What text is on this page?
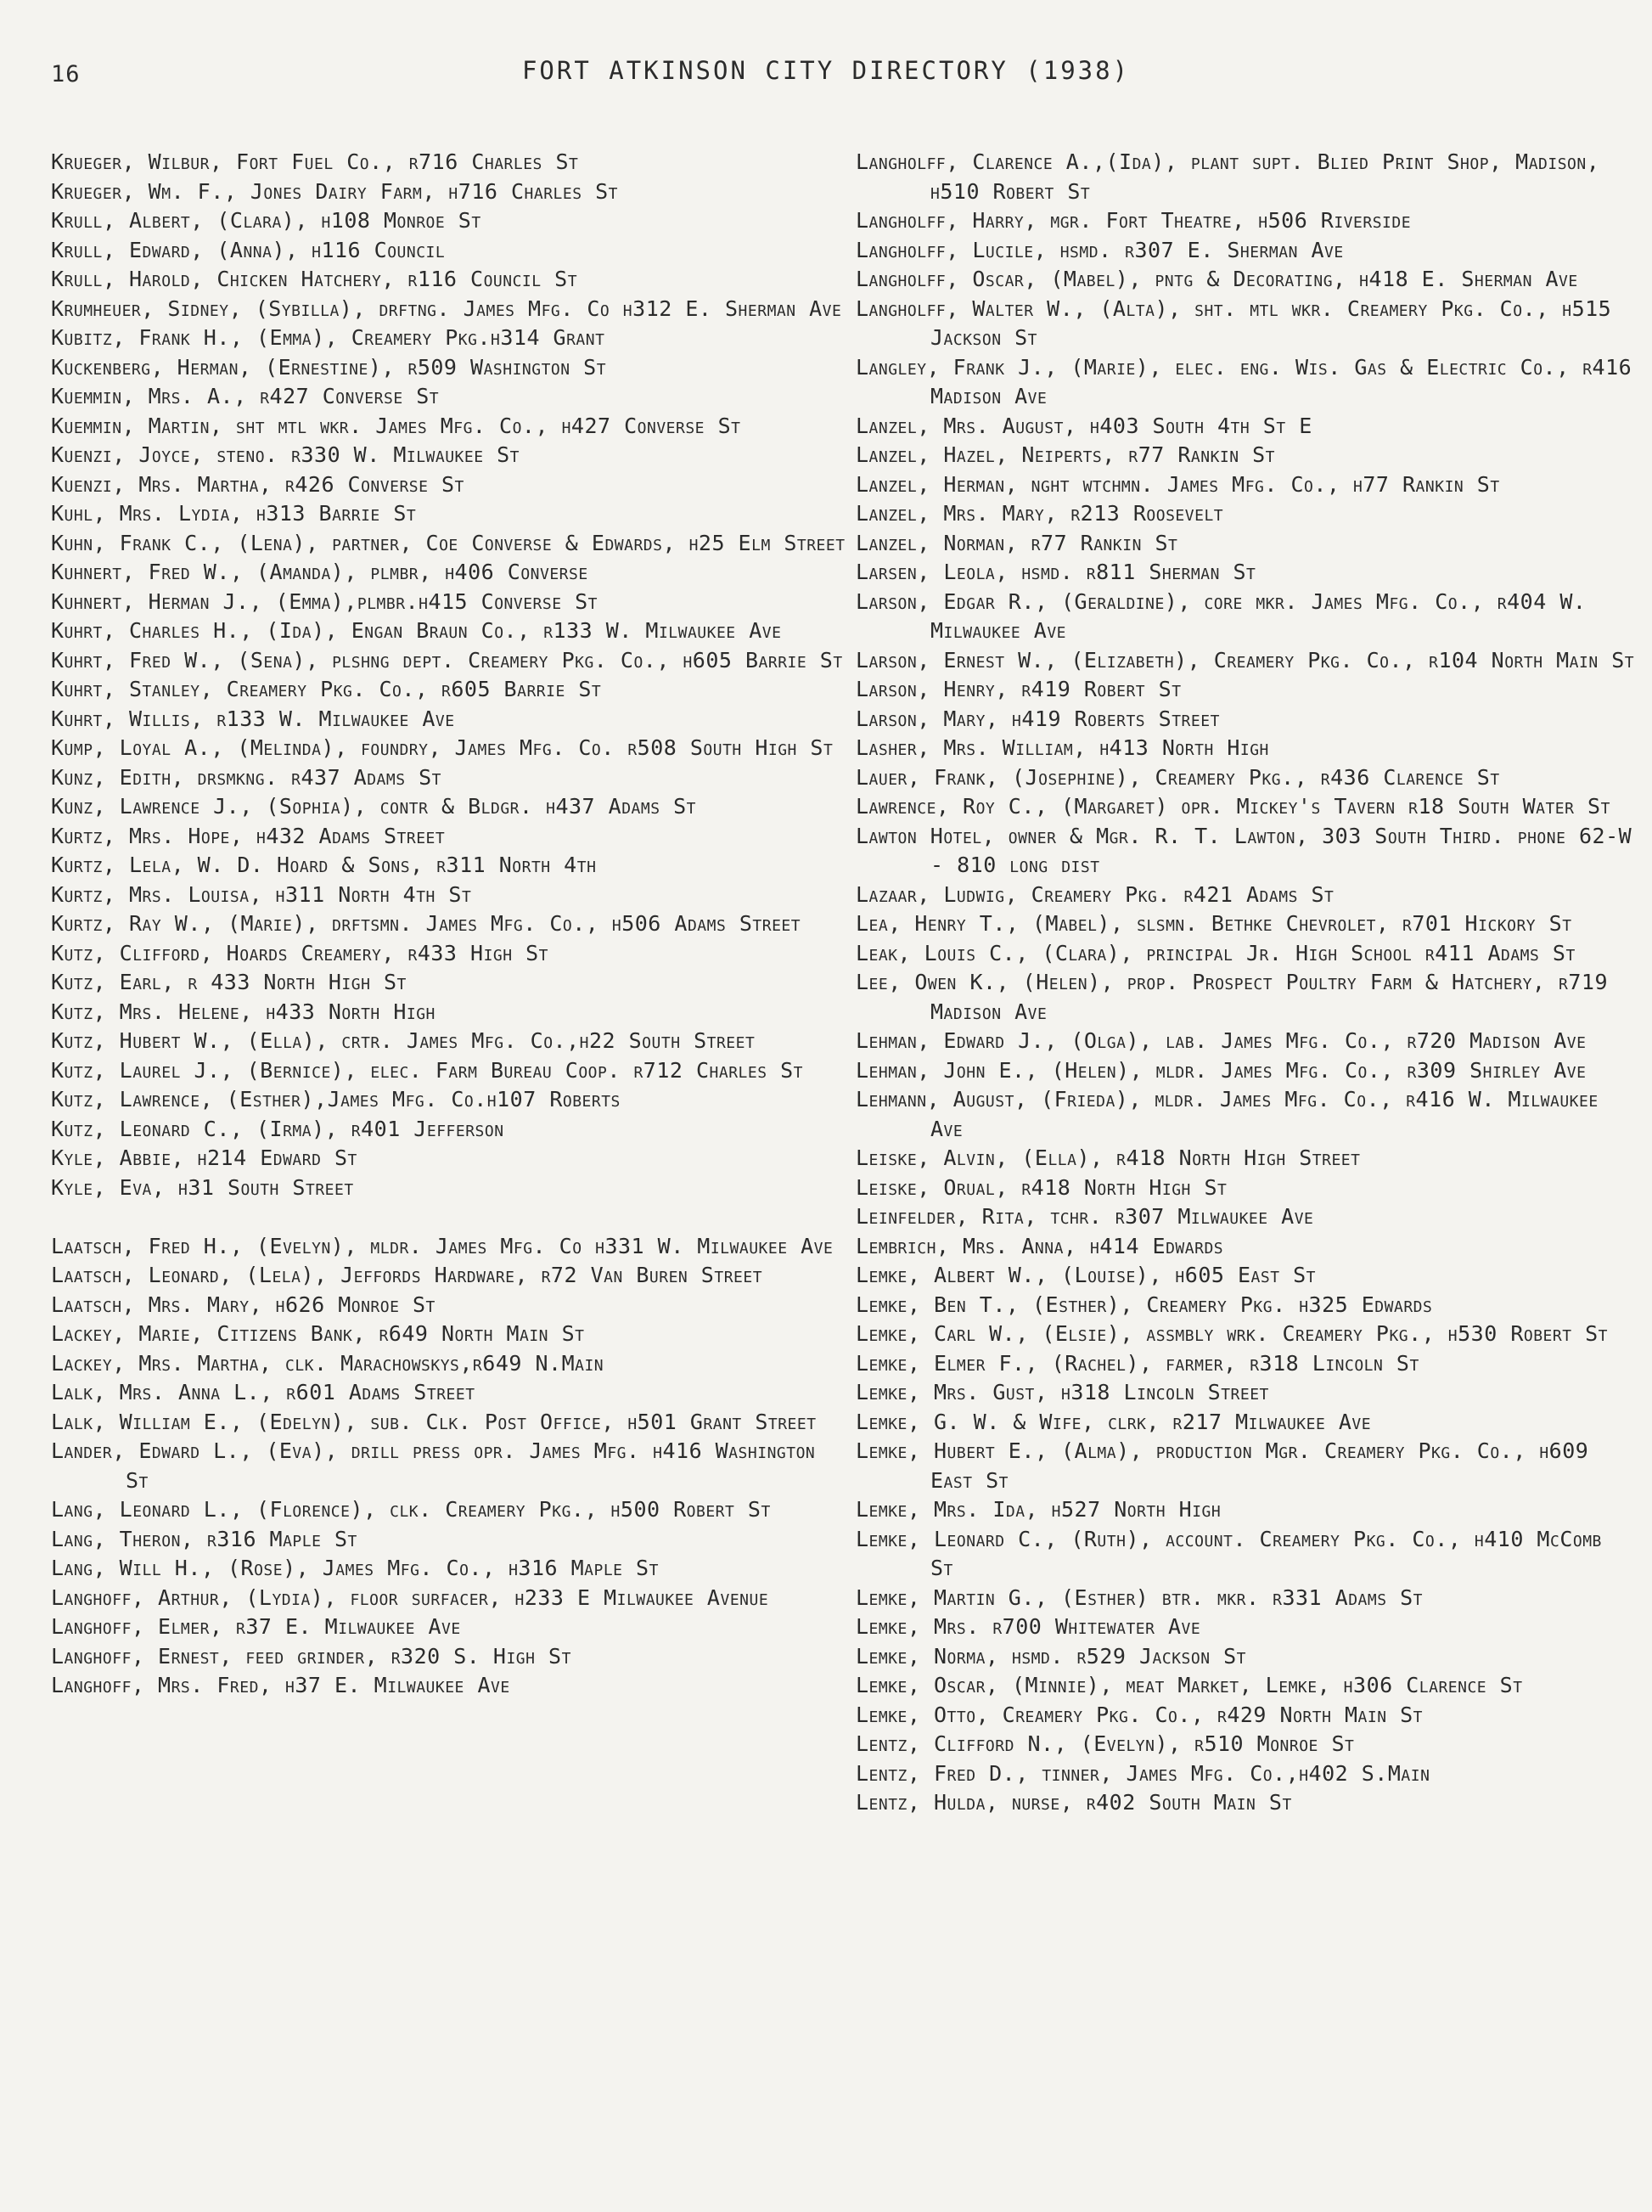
16	FORT ATKINSON CITY DIRECTORY (1938)
Krueger, Wilbur, Fort Fuel Co., r716 Charles St
Krueger, Wm. F., Jones Dairy Farm, h716 Charles St
Krull, Albert, (Clara), h108 Monroe St
Krull, Edward, (Anna), h116 Council
Krull, Harold, Chicken Hatchery, r116 Council St
Krumheuer, Sidney, (Sybilla), drftng. James Mfg. Co h312 E. Sherman Ave
Kubitz, Frank H., (Emma), Creamery Pkg.h314 Grant
Kuckenberg, Herman, (Ernestine), r509 Washington St
Kuemmin, Mrs. A., r427 Converse St
Kuemmin, Martin, sht mtl wkr. James Mfg. Co., h427 Converse St
Kuenzi, Joyce, steno. r330 W. Milwaukee St
Kuenzi, Mrs. Martha, r426 Converse St
Kuhl, Mrs. Lydia, h313 Barrie St
Kuhn, Frank C., (Lena), partner, Coe Converse & Edwards, h25 Elm Street
Kuhnert, Fred W., (Amanda), plmbr, h406 Converse
Kuhnert, Herman J., (Emma),plmbr.h415 Converse St
Kuhrt, Charles H., (Ida), Engan Braun Co., r133 W. Milwaukee Ave
Kuhrt, Fred W., (Sena), plshng dept. Creamery Pkg. Co., h605 Barrie St
Kuhrt, Stanley, Creamery Pkg. Co., r605 Barrie St
Kuhrt, Willis, r133 W. Milwaukee Ave
Kump, Loyal A., (Melinda), foundry, James Mfg. Co. r508 South High St
Kunz, Edith, drsmkng. r437 Adams St
Kunz, Lawrence J., (Sophia), contr & Bldgr. h437 Adams St
Kurtz, Mrs. Hope, h432 Adams Street
Kurtz, Lela, W. D. Hoard & Sons, r311 North 4th
Kurtz, Mrs. Louisa, h311 North 4th St
Kurtz, Ray W., (Marie), drftsmn. James Mfg. Co., h506 Adams Street
Kutz, Clifford, Hoards Creamery, r433 High St
Kutz, Earl, r 433 North High St
Kutz, Mrs. Helene, h433 North High
Kutz, Hubert W., (Ella), crtr. James Mfg. Co.,h22 South Street
Kutz, Laurel J., (Bernice), elec. Farm Bureau Coop. r712 Charles St
Kutz, Lawrence, (Esther),James Mfg. Co.h107 Roberts
Kutz, Leonard C., (Irma), r401 Jefferson
Kyle, Abbie, h214 Edward St
Kyle, Eva, h31 South Street
Laatsch, Fred H., (Evelyn), mldr. James Mfg. Co h331 W. Milwaukee Ave
Laatsch, Leonard, (Lela), Jeffords Hardware, r72 Van Buren Street
Laatsch, Mrs. Mary, h626 Monroe St
Lackey, Marie, Citizens Bank, r649 North Main St
Lackey, Mrs. Martha, clk. Marachowskys,r649 N.Main
Lalk, Mrs. Anna L., r601 Adams Street
Lalk, William E., (Edelyn), sub. Clk. Post Office, h501 Grant Street
Lander, Edward L., (Eva), drill press opr. James Mfg. h416 Washington St
Lang, Leonard L., (Florence), clk. Creamery Pkg., h500 Robert St
Lang, Theron, r316 Maple St
Lang, Will H., (Rose), James Mfg. Co., h316 Maple St
Langhoff, Arthur, (Lydia), floor surfacer, h233 E Milwaukee Avenue
Langhoff, Elmer, r37 E. Milwaukee Ave
Langhoff, Ernest, feed grinder, r320 S. High St
Langhoff, Mrs. Fred, h37 E. Milwaukee Ave
Langholff, Clarence A.,(Ida), plant supt. Blied Print Shop, Madison, h510 Robert St
Langholff, Harry, mgr. Fort Theatre, h506 Riverside
Langholff, Lucile, hsmd. r307 E. Sherman Ave
Langholff, Oscar, (Mabel), pntg & Decorating, h418 E. Sherman Ave
Langholff, Walter W., (Alta), sht. mtl wkr. Creamery Pkg. Co., h515 Jackson St
Langley, Frank J., (Marie), elec. eng. Wis. Gas & Electric Co., r416 Madison Ave
Lanzel, Mrs. August, h403 South 4th St E
Lanzel, Hazel, Neiperts, r77 Rankin St
Lanzel, Herman, nght wtchmn. James Mfg. Co., h77 Rankin St
Lanzel, Mrs. Mary, r213 Roosevelt
Lanzel, Norman, r77 Rankin St
Larsen, Leola, hsmd. r811 Sherman St
Larson, Edgar R., (Geraldine), core mkr. James Mfg. Co., r404 W. Milwaukee Ave
Larson, Ernest W., (Elizabeth), Creamery Pkg. Co., r104 North Main St
Larson, Henry, r419 Robert St
Larson, Mary, h419 Roberts Street
Lasher, Mrs. William, h413 North High
Lauer, Frank, (Josephine), Creamery Pkg., r436 Clarence St
Lawrence, Roy C., (Margaret) opr. Mickey's Tavern r18 South Water St
Lawton Hotel, owner & Mgr. R. T. Lawton, 303 South Third. phone 62-W - 810 long dist
Lazaar, Ludwig, Creamery Pkg. r421 Adams St
Lea, Henry T., (Mabel), slsmn. Bethke Chevrolet, r701 Hickory St
Leak, Louis C., (Clara), principal Jr. High School r411 Adams St
Lee, Owen K., (Helen), prop. Prospect Poultry Farm & Hatchery, r719 Madison Ave
Lehman, Edward J., (Olga), lab. James Mfg. Co., r720 Madison Ave
Lehman, John E., (Helen), mldr. James Mfg. Co., r309 Shirley Ave
Lehmann, August, (Frieda), mldr. James Mfg. Co., r416 W. Milwaukee Ave
Leiske, Alvin, (Ella), r418 North High Street
Leiske, Orual, r418 North High St
Leinfelder, Rita, tchr. r307 Milwaukee Ave
Lembrich, Mrs. Anna, h414 Edwards
Lemke, Albert W., (Louise), h605 East St
Lemke, Ben T., (Esther), Creamery Pkg. h325 Edwards
Lemke, Carl W., (Elsie), assmbly wrk. Creamery Pkg., h530 Robert St
Lemke, Elmer F., (Rachel), farmer, r318 Lincoln St
Lemke, Mrs. Gust, h318 Lincoln Street
Lemke, G. W. & Wife, clrk, r217 Milwaukee Ave
Lemke, Hubert E., (Alma), production Mgr. Creamery Pkg. Co., h609 East St
Lemke, Mrs. Ida, h527 North High
Lemke, Leonard C., (Ruth), account. Creamery Pkg. Co., h410 McComb St
Lemke, Martin G., (Esther) btr. mkr. r331 Adams St
Lemke, Mrs. r700 Whitewater Ave
Lemke, Norma, hsmd. r529 Jackson St
Lemke, Oscar, (Minnie), meat Market, Lemke, h306 Clarence St
Lemke, Otto, Creamery Pkg. Co., r429 North Main St
Lentz, Clifford N., (Evelyn), r510 Monroe St
Lentz, Fred D., tinner, James Mfg. Co.,h402 S.Main
Lentz, Hulda, nurse, r402 South Main St
